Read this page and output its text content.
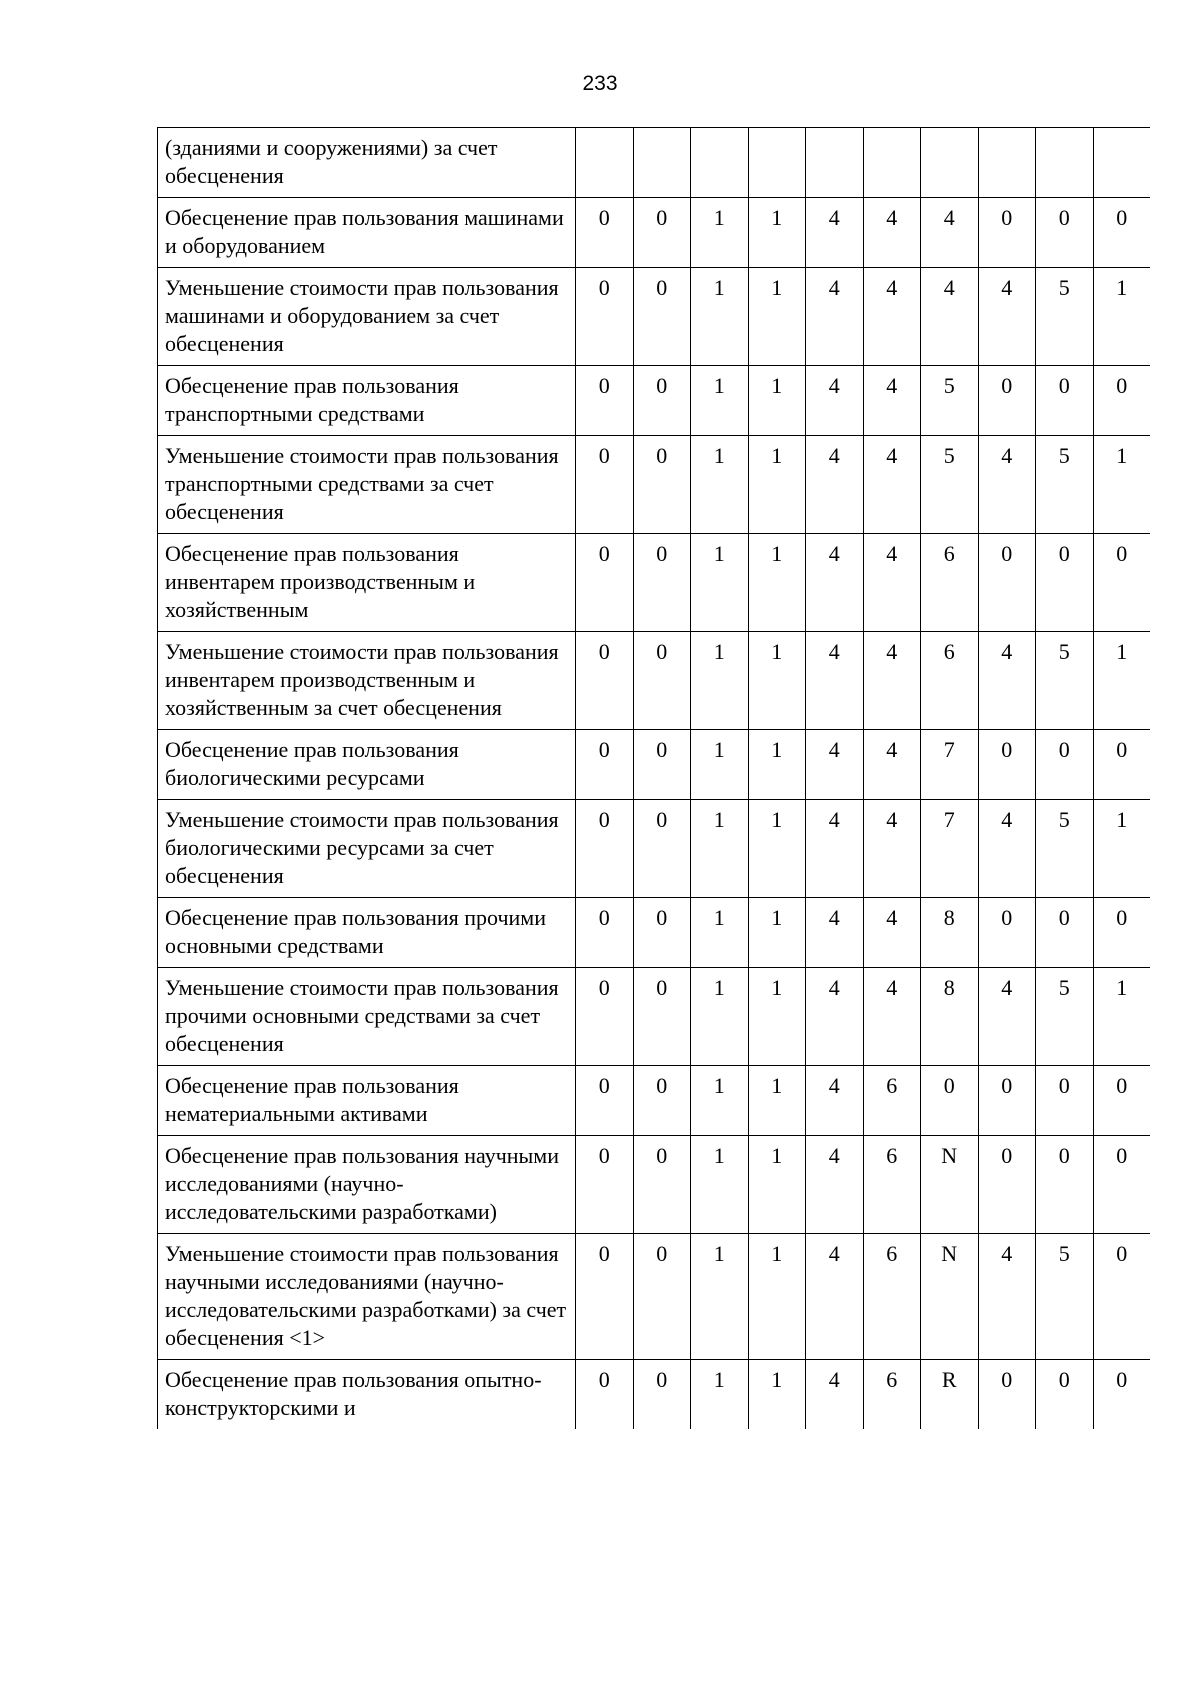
233
(зданиями и сооружениями) за счет обесценения										
Обесценение прав пользования машинами и оборудованием	0	0	1	1	4	4	4	0	0	0
Уменьшение стоимости прав пользования машинами и оборудованием за счет обесценения	0	0	1	1	4	4	4	4	5	1
Обесценение прав пользования транспортными средствами	0	0	1	1	4	4	5	0	0	0
Уменьшение стоимости прав пользования транспортными средствами за счет обесценения	0	0	1	1	4	4	5	4	5	1
Обесценение прав пользования инвентарем производственным и хозяйственным	0	0	1	1	4	4	6	0	0	0
Уменьшение стоимости прав пользования инвентарем производственным и хозяйственным за счет обесценения	0	0	1	1	4	4	6	4	5	1
Обесценение прав пользования биологическими ресурсами	0	0	1	1	4	4	7	0	0	0
Уменьшение стоимости прав пользования биологическими ресурсами за счет обесценения	0	0	1	1	4	4	7	4	5	1
Обесценение прав пользования прочими основными средствами	0	0	1	1	4	4	8	0	0	0
Уменьшение стоимости прав пользования прочими основными средствами за счет обесценения	0	0	1	1	4	4	8	4	5	1
Обесценение прав пользования нематериальными активами	0	0	1	1	4	6	0	0	0	0
Обесценение прав пользования научными исследованиями (научно-исследовательскими разработками)	0	0	1	1	4	6	N	0	0	0
Уменьшение стоимости прав пользования научными исследованиями (научно-исследовательскими разработками) за счет обесценения <1>	0	0	1	1	4	6	N	4	5	0
Обесценение прав пользования опытно-конструкторскими и	0	0	1	1	4	6	R	0	0	0
